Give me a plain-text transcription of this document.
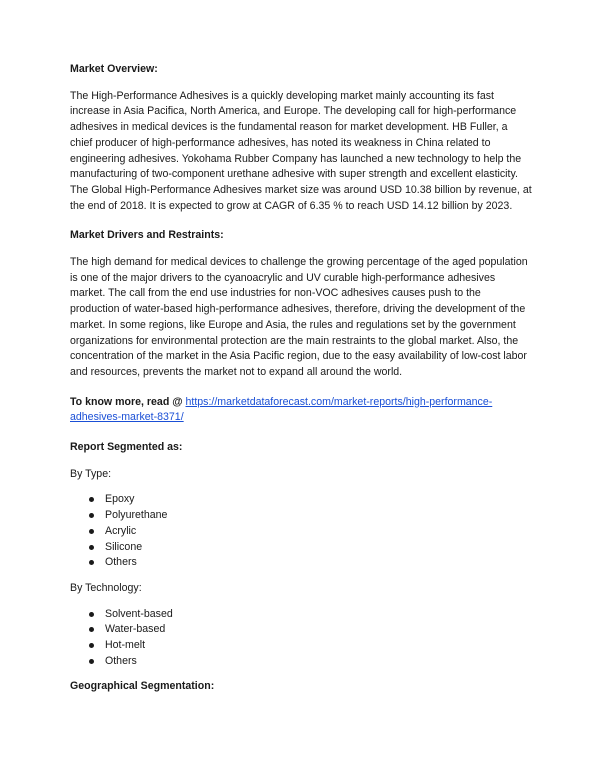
Market Overview:
The High-Performance Adhesives is a quickly developing market mainly accounting its fast increase in Asia Pacifica, North America, and Europe. The developing call for high-performance adhesives in medical devices is the fundamental reason for market development. HB Fuller, a chief producer of high-performance adhesives, has noted its weakness in China related to engineering adhesives. Yokohama Rubber Company has launched a new technology to help the manufacturing of two-component urethane adhesive with super strength and excellent elasticity. The Global High-Performance Adhesives market size was around USD 10.38 billion by revenue, at the end of 2018. It is expected to grow at CAGR of 6.35 % to reach USD 14.12 billion by 2023.
Market Drivers and Restraints:
The high demand for medical devices to challenge the growing percentage of the aged population is one of the major drivers to the cyanoacrylic and UV curable high-performance adhesives market. The call from the end use industries for non-VOC adhesives causes push to the production of water-based high-performance adhesives, therefore, driving the development of the market. In some regions, like Europe and Asia, the rules and regulations set by the government organizations for environmental protection are the main restraints to the global market. Also, the concentration of the market in the Asia Pacific region, due to the easy availability of low-cost labor and resources, prevents the market not to expand all around the world.
To know more, read @ https://marketdataforecast.com/market-reports/high-performance-adhesives-market-8371/
Report Segmented as:
By Type:
Epoxy
Polyurethane
Acrylic
Silicone
Others
By Technology:
Solvent-based
Water-based
Hot-melt
Others
Geographical Segmentation:
